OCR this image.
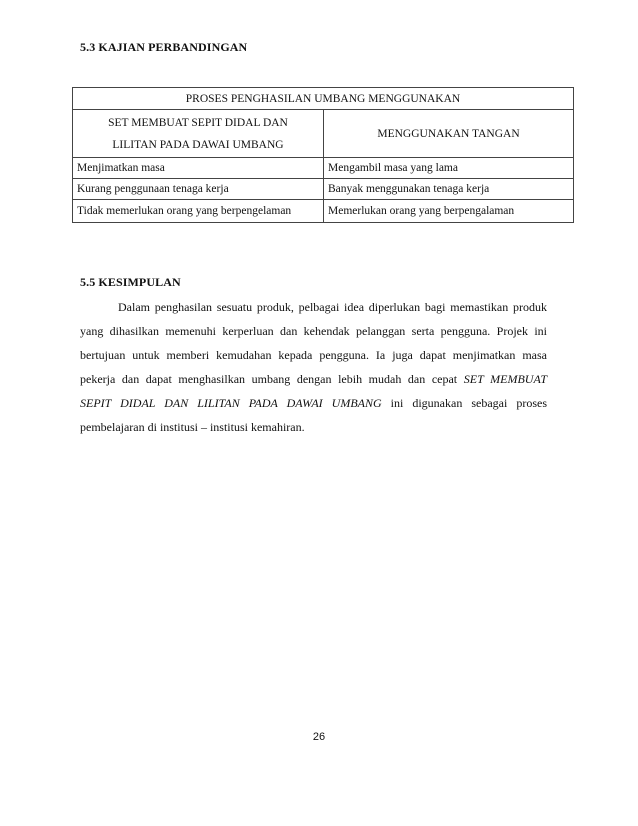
5.3 KAJIAN PERBANDINGAN
PROSES PENGHASILAN UMBANG MENGGUNAKAN	

SET MEMBUAT SEPIT DIDAL DAN
LILITAN PADA DAWAI UMBANG	MENGGUNAKAN TANGAN
Menjimatkan masa	Mengambil masa yang lama
Kurang penggunaan tenaga kerja	Banyak menggunakan tenaga kerja
Tidak memerlukan orang yang berpengelaman	Memerlukan orang yang berpengalaman
5.5 KESIMPULAN
Dalam penghasilan sesuatu produk, pelbagai idea diperlukan bagi memastikan produk
yang dihasilkan memenuhi kerperluan dan kehendak pelanggan serta pengguna. Projek ini
bertujuan untuk memberi kemudahan kepada pengguna. Ia juga dapat menjimatkan masa
pekerja dan dapat menghasilkan umbang dengan lebih mudah dan cepat SET MEMBUAT
SEPIT DIDAL DAN LILITAN PADA DAWAI UMBANG ini digunakan sebagai proses
pembelajaran di institusi – institusi kemahiran.
26
